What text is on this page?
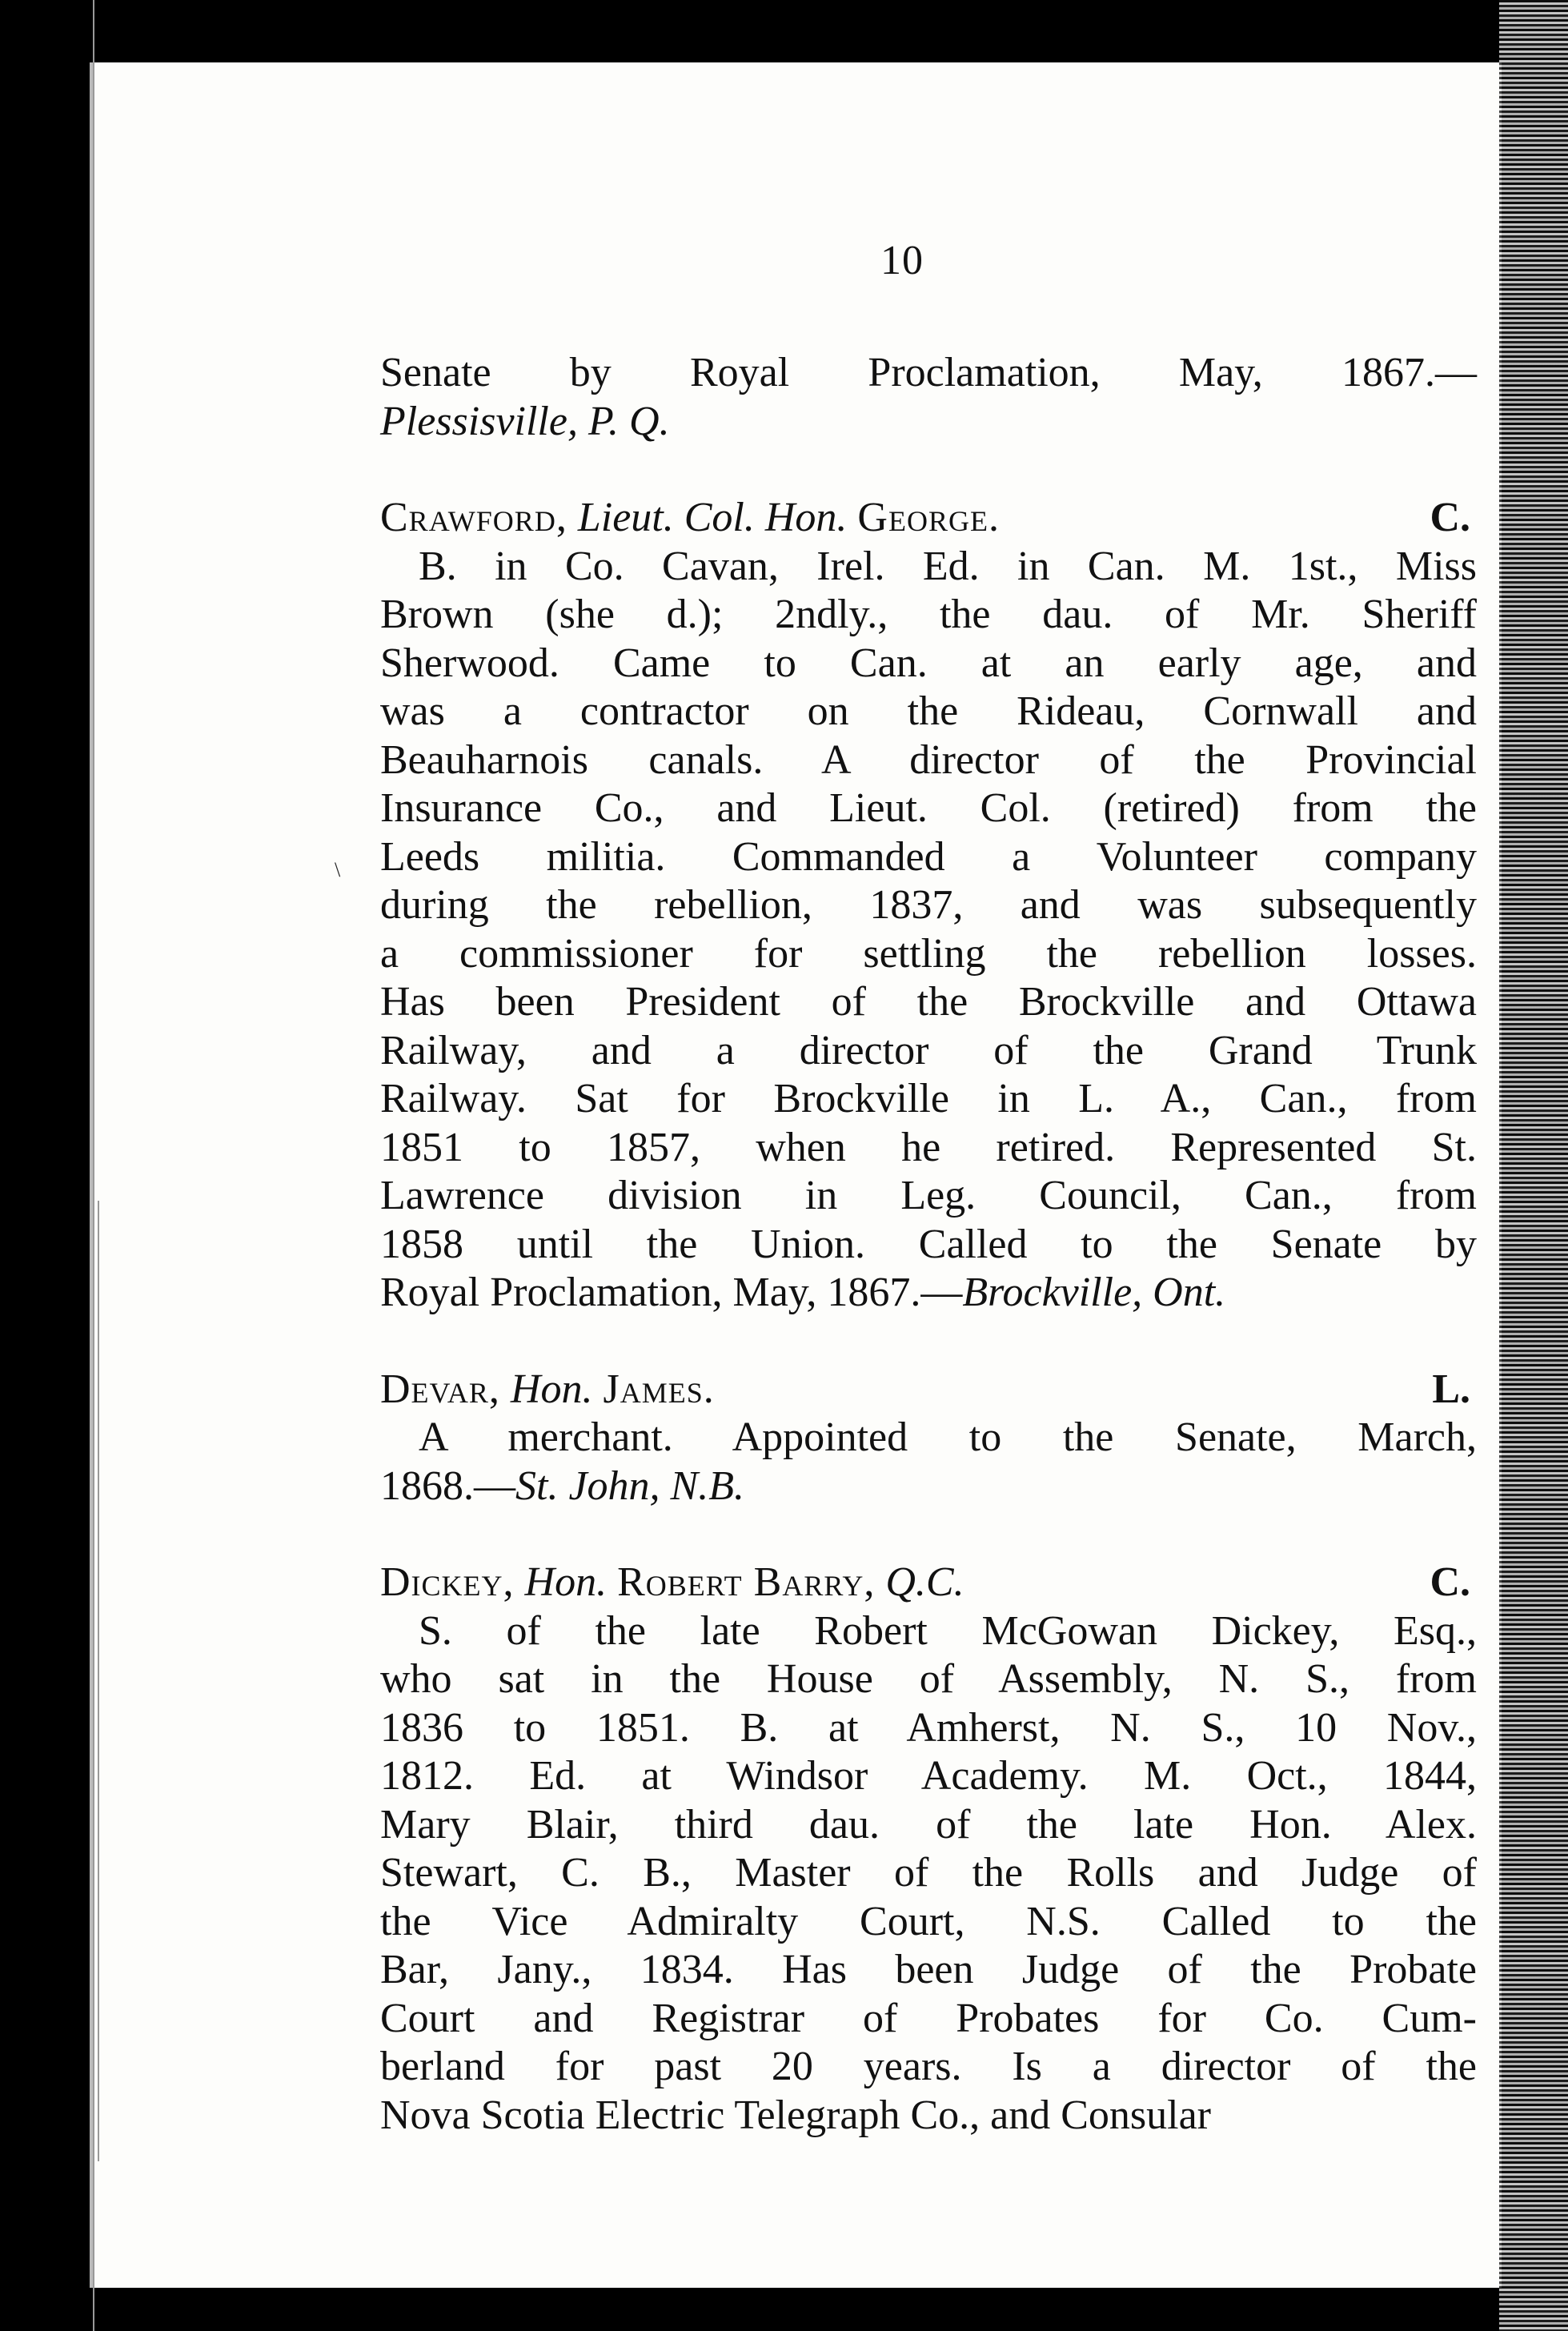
\
10
Senate by Royal Proclamation, May, 1867.—
Plessisville, P. Q.
Crawford, Lieut. Col. Hon. George.	C.
B. in Co. Cavan, Irel. Ed. in Can. M. 1st., Miss
Brown (she d.); 2ndly., the dau. of Mr. Sheriff
Sherwood. Came to Can. at an early age, and
was a contractor on the Rideau, Cornwall and
Beauharnois canals. A director of the Provincial
Insurance Co., and Lieut. Col. (retired) from the
Leeds militia. Commanded a Volunteer company
during the rebellion, 1837, and was subsequently
a commissioner for settling the rebellion losses.
Has been President of the Brockville and Ottawa
Railway, and a director of the Grand Trunk
Railway. Sat for Brockville in L. A., Can., from
1851 to 1857, when he retired. Represented St.
Lawrence division in Leg. Council, Can., from
1858 until the Union. Called to the Senate by
Royal Proclamation, May, 1867.—Brockville, Ont.
Devar, Hon. James.	L.
A merchant. Appointed to the Senate, March,
1868.—St. John, N.B.
Dickey, Hon. Robert Barry, Q.C.	C.
S. of the late Robert McGowan Dickey, Esq.,
who sat in the House of Assembly, N. S., from
1836 to 1851. B. at Amherst, N. S., 10 Nov.,
1812. Ed. at Windsor Academy. M. Oct., 1844,
Mary Blair, third dau. of the late Hon. Alex.
Stewart, C. B., Master of the Rolls and Judge of
the Vice Admiralty Court, N.S. Called to the
Bar, Jany., 1834. Has been Judge of the Probate
Court and Registrar of Probates for Co. Cum-
berland for past 20 years. Is a director of the
Nova Scotia Electric Telegraph Co., and Consular
